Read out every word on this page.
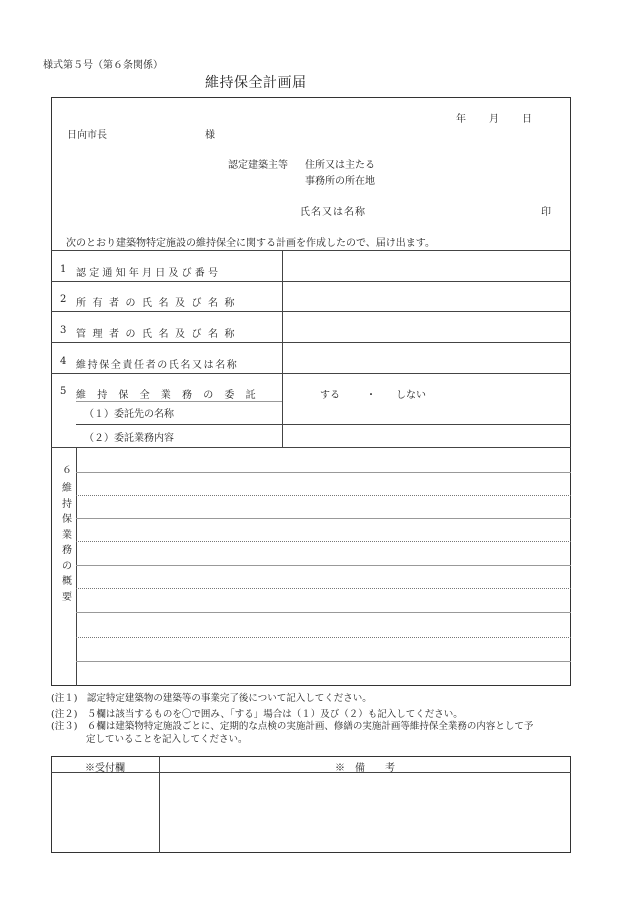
様式第５号（第６条関係）
維持保全計画届
年 月 日
日向市長	様
認定建築主等 住所又は主たる
事務所の所在地
氏名又は名称	印
次のとおり建築物特定施設の維持保全に関する計画を作成したので、届け出ます。
1 認定通知年月日及び番号
2 所有者の氏名及び名称
3 管理者の氏名及び名称
4 維持保全責任者の氏名又は名称
5 維持保全業務の委託	する	・ しない
（１）委託先の名称
（２）委託業務内容
６
維持保業務の概要
(注１)　認定特定建築物の建築等の事業完了後について記入してください。
(注２)　５欄は該当するものを〇で囲み、「する」場合は（１）及び（２）も記入してください。
(注３)　６欄は建築物特定施設ごとに、定期的な点検の実施計画、修繕の実施計画等維持保全業務の内容として予
定していることを記入してください。
※受付欄	※　備　　考
